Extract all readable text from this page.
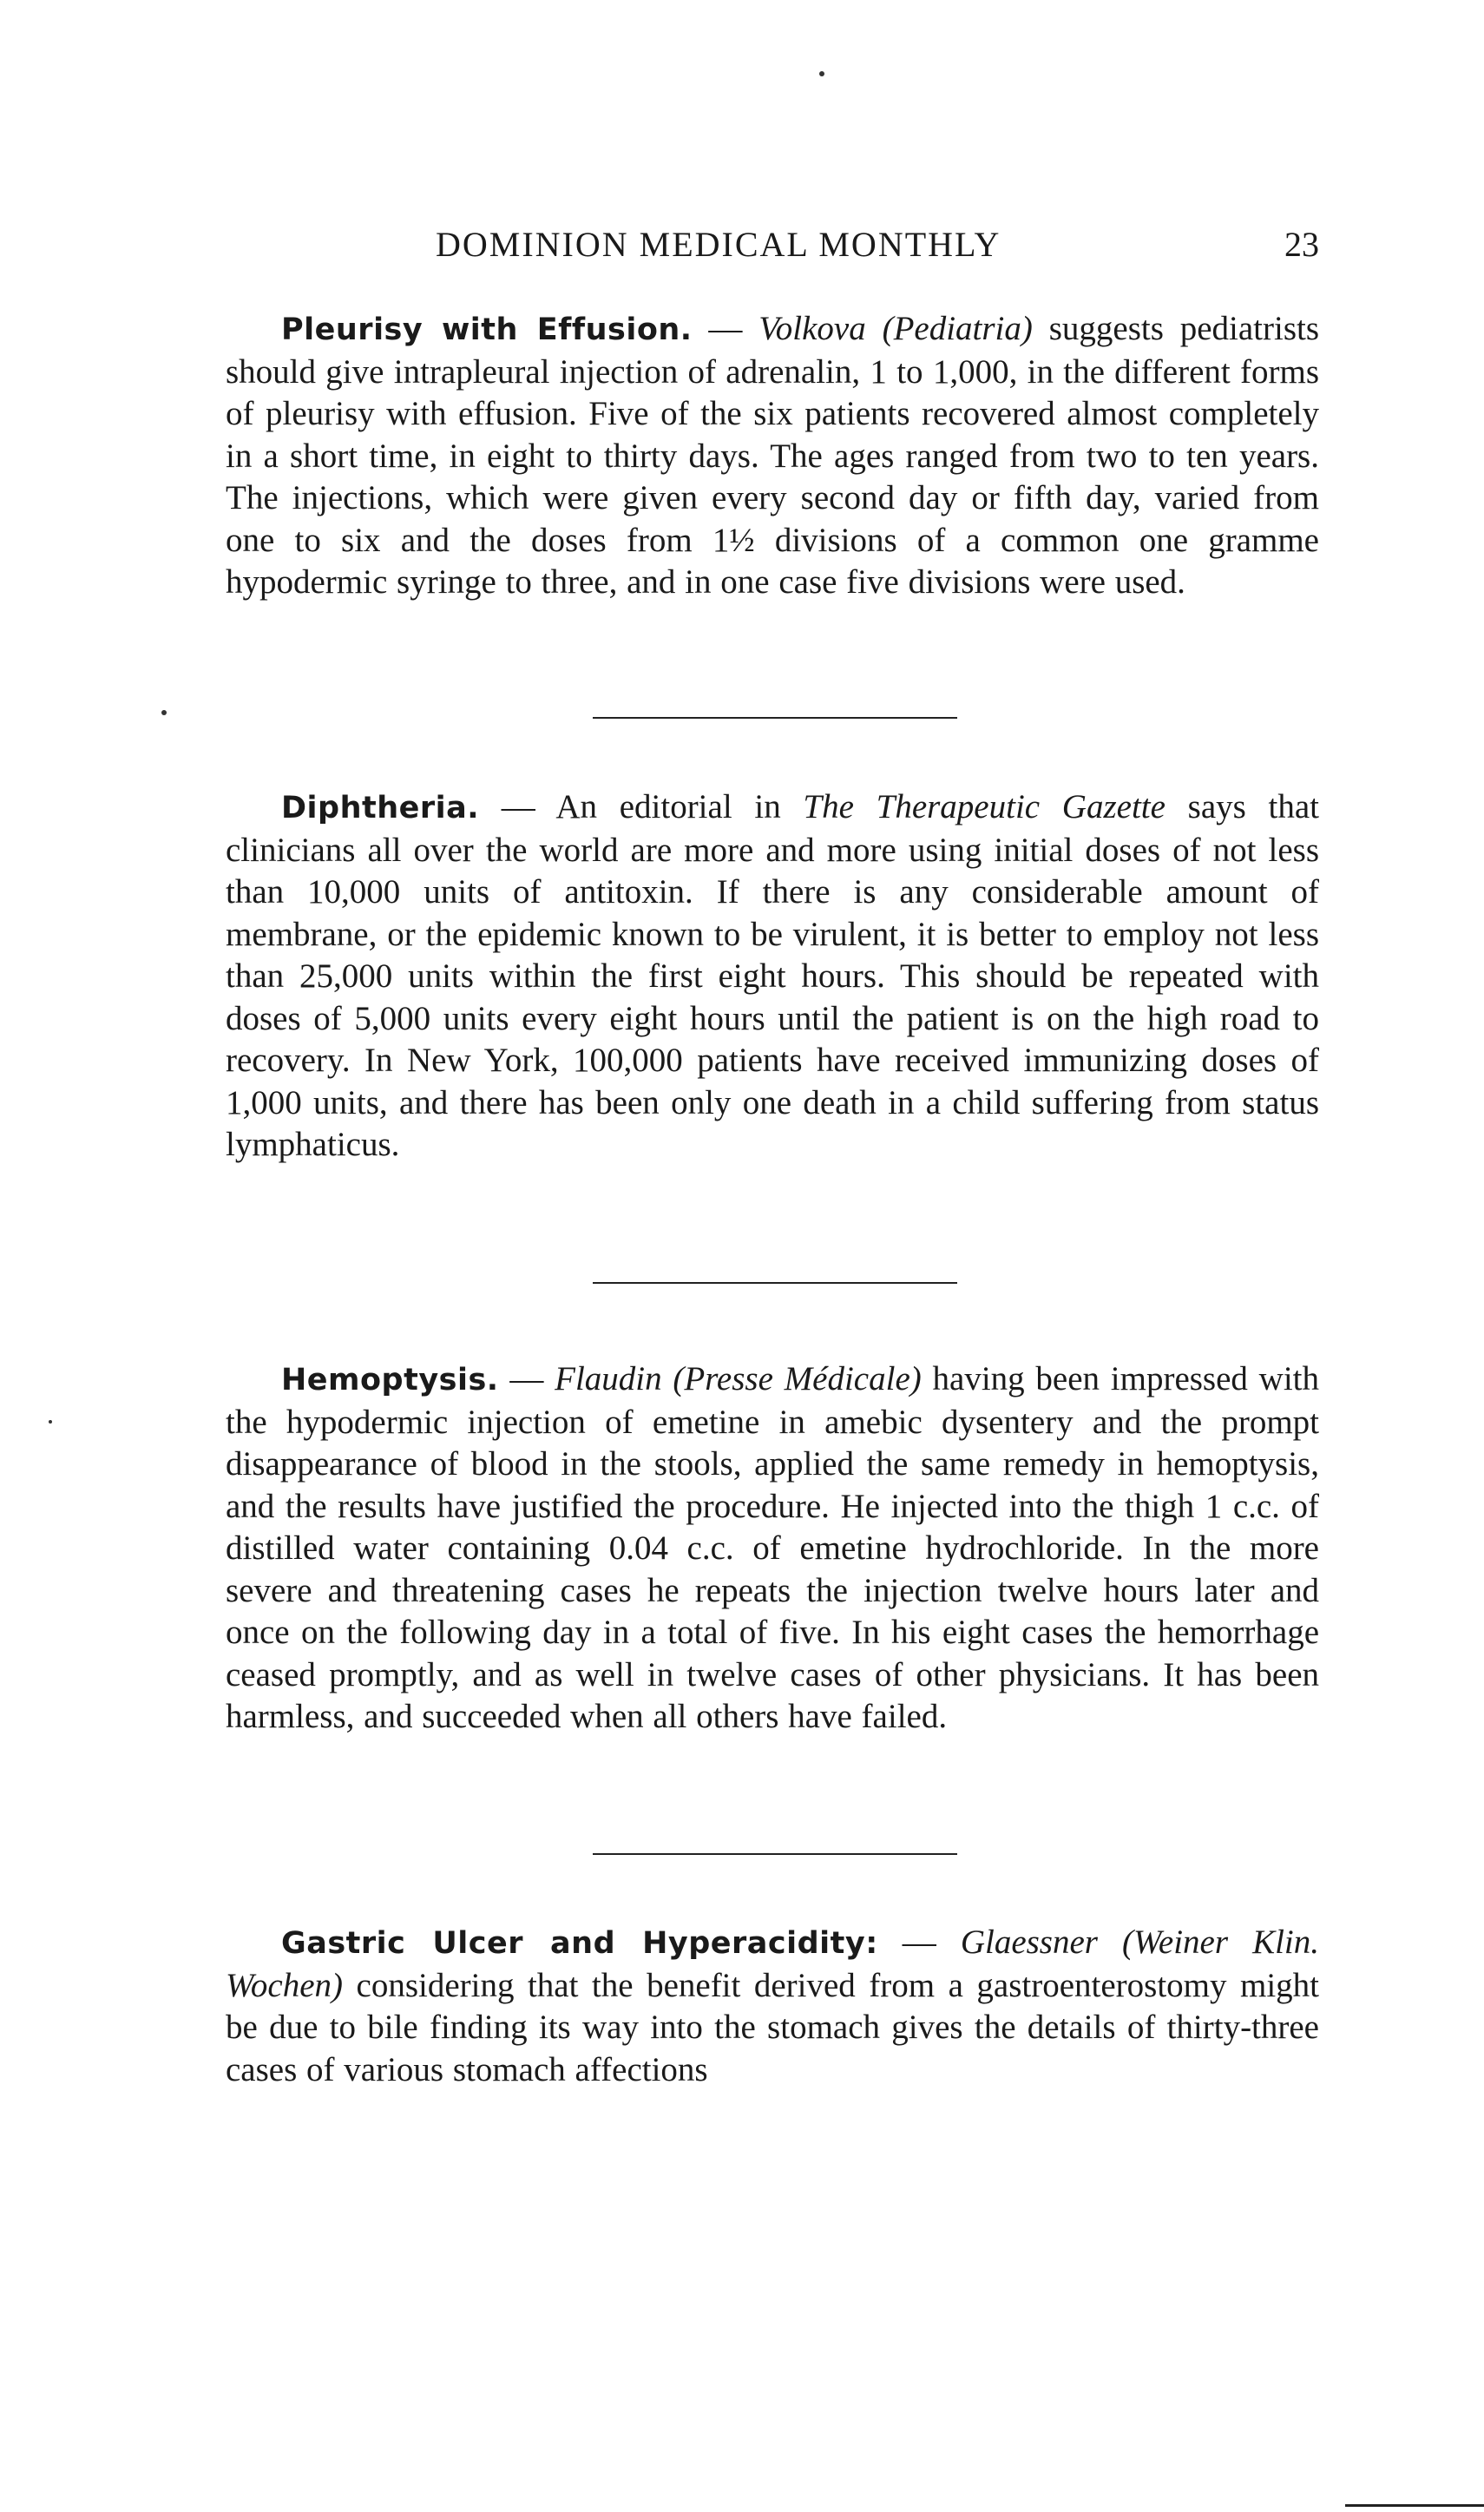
DOMINION MEDICAL MONTHLY	23

Pleurisy with Effusion. — Volkova (Pediatria) suggests pediatrists should give intrapleural injection of adrenalin, 1 to 1,000, in the different forms of pleurisy with effusion. Five of the six patients recovered almost completely in a short time, in eight to thirty days. The ages ranged from two to ten years. The injections, which were given every second day or fifth day, varied from one to six and the doses from 1½ divisions of a common one gramme hypodermic syringe to three, and in one case five divisions were used.

Diphtheria. — An editorial in The Therapeutic Gazette says that clinicians all over the world are more and more using initial doses of not less than 10,000 units of antitoxin. If there is any considerable amount of membrane, or the epidemic known to be virulent, it is better to employ not less than 25,000 units within the first eight hours. This should be repeated with doses of 5,000 units every eight hours until the patient is on the high road to recovery. In New York, 100,000 patients have received immunizing doses of 1,000 units, and there has been only one death in a child suffering from status lymphaticus.

Hemoptysis. — Flaudin (Presse Médicale) having been impressed with the hypodermic injection of emetine in amebic dysentery and the prompt disappearance of blood in the stools, applied the same remedy in hemoptysis, and the results have justified the procedure. He injected into the thigh 1 c.c. of distilled water containing 0.04 c.c. of emetine hydrochloride. In the more severe and threatening cases he repeats the injection twelve hours later and once on the following day in a total of five. In his eight cases the hemorrhage ceased promptly, and as well in twelve cases of other physicians. It has been harmless, and succeeded when all others have failed.

Gastric Ulcer and Hyperacidity: — Glaessner (Weiner Klin. Wochen) considering that the benefit derived from a gastroenterostomy might be due to bile finding its way into the stomach gives the details of thirty-three cases of various stomach affections
